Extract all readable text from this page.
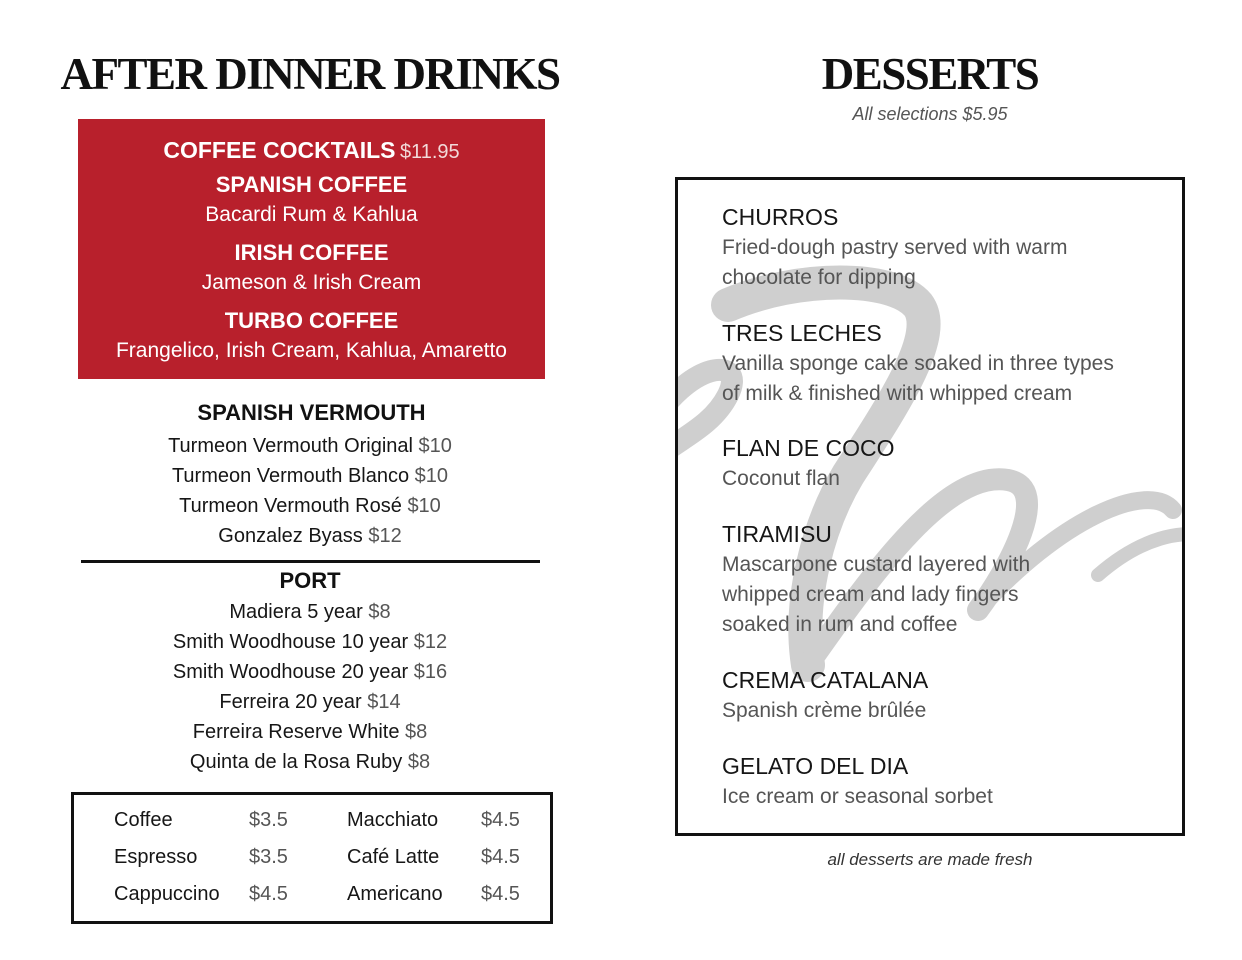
AFTER DINNER DRINKS
COFFEE COCKTAILS $11.95
SPANISH COFFEE
Bacardi Rum & Kahlua
IRISH COFFEE
Jameson & Irish Cream
TURBO COFFEE
Frangelico, Irish Cream, Kahlua, Amaretto
SPANISH VERMOUTH
Turmeon Vermouth Original $10
Turmeon Vermouth Blanco $10
Turmeon Vermouth Rosé $10
Gonzalez Byass $12
PORT
Madiera 5 year $8
Smith Woodhouse 10 year $12
Smith Woodhouse 20 year $16
Ferreira 20 year $14
Ferreira Reserve White $8
Quinta de la Rosa Ruby $8
Coffee	$3.5
Espresso	$3.5
Cappuccino $4.5
Macchiato $4.5
Café Latte $4.5
Americano $4.5
DESSERTS
All selections $5.95
CHURROS
Fried-dough pastry served with warm
chocolate for dipping
TRES LECHES
Vanilla sponge cake soaked in three types
of milk & finished with whipped cream
FLAN DE COCO
Coconut flan
TIRAMISU
Mascarpone custard layered with
whipped cream and lady fingers
soaked in rum and coffee
CREMA CATALANA
Spanish crème brûlée
GELATO DEL DIA
Ice cream or seasonal sorbet
all desserts are made fresh
